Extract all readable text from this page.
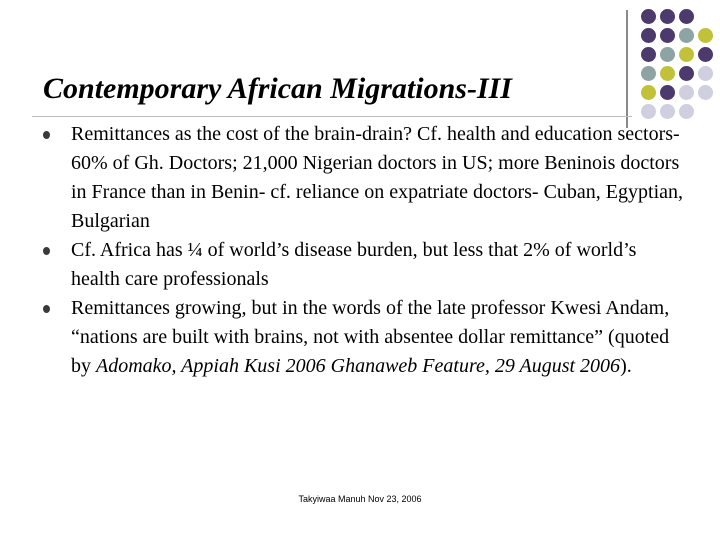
Contemporary African Migrations-III
Remittances as the cost of the brain-drain? Cf. health and education sectors- 60% of Gh. Doctors; 21,000 Nigerian doctors in US; more Beninois doctors in France than in Benin- cf. reliance on expatriate doctors- Cuban, Egyptian, Bulgarian
Cf. Africa has ¼ of world’s disease burden, but less that 2% of world’s health care professionals
Remittances growing, but in the words of the late professor Kwesi Andam, “nations are built with brains, not with absentee dollar remittance” (quoted by Adomako, Appiah Kusi 2006 Ghanaweb Feature, 29 August 2006).
Takyiwaa Manuh Nov 23, 2006
